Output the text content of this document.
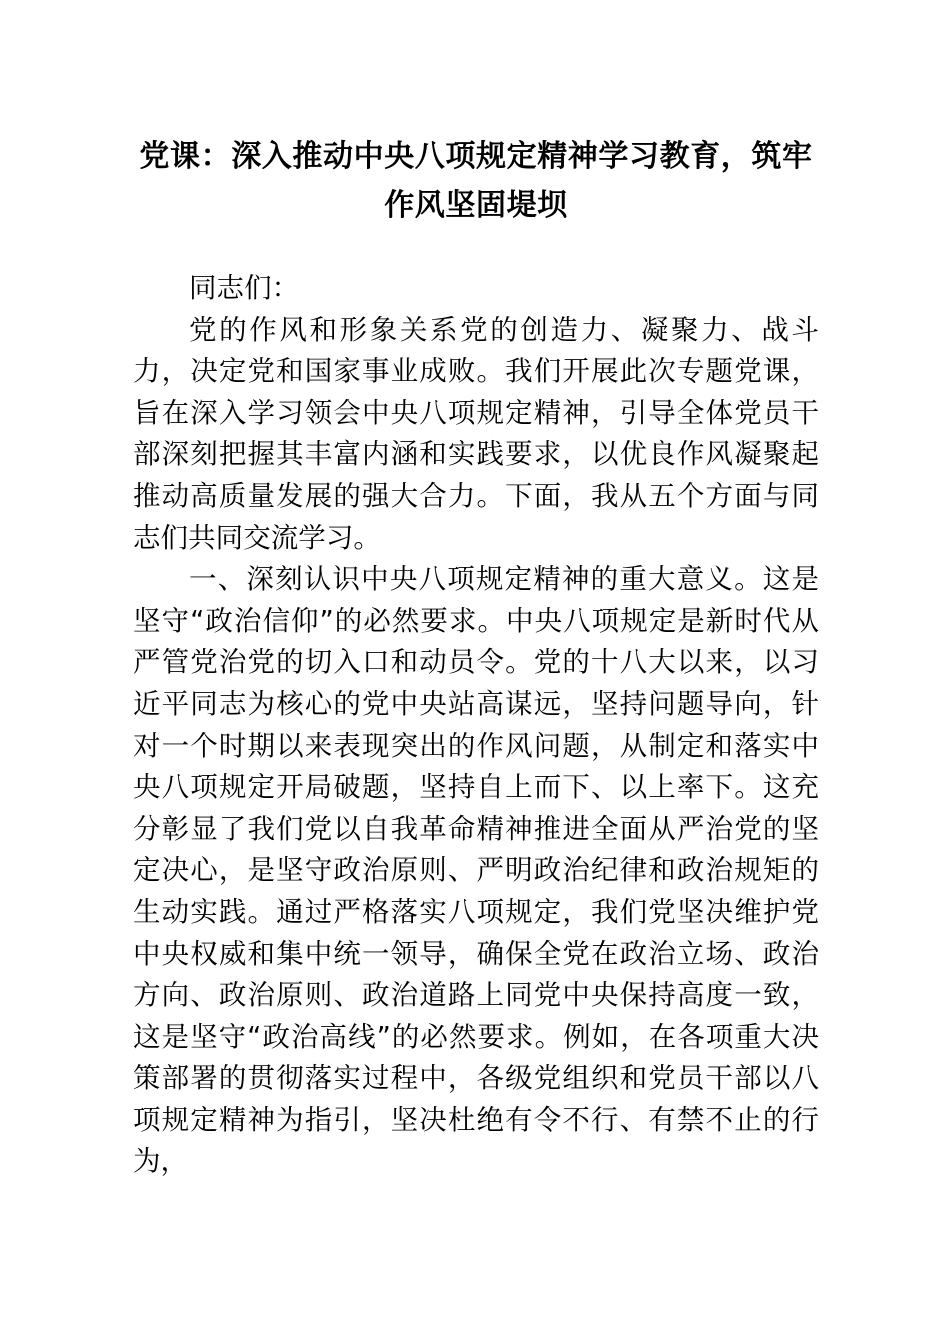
党课：深入推动中央八项规定精神学习教育，筑牢作风坚固堤坝

同志们：

党的作风和形象关系党的创造力、凝聚力、战斗力，决定党和国家事业成败。我们开展此次专题党课，旨在深入学习领会中央八项规定精神，引导全体党员干部深刻把握其丰富内涵和实践要求，以优良作风凝聚起推动高质量发展的强大合力。下面，我从五个方面与同志们共同交流学习。

一、深刻认识中央八项规定精神的重大意义。这是坚守“政治信仰”的必然要求。中央八项规定是新时代从严管党治党的切入口和动员令。党的十八大以来，以习近平同志为核心的党中央站高谋远，坚持问题导向，针对一个时期以来表现突出的作风问题，从制定和落实中央八项规定开局破题，坚持自上而下、以上率下。这充分彰显了我们党以自我革命精神推进全面从严治党的坚定决心，是坚守政治原则、严明政治纪律和政治规矩的生动实践。通过严格落实八项规定，我们党坚决维护党中央权威和集中统一领导，确保全党在政治立场、政治方向、政治原则、政治道路上同党中央保持高度一致，这是坚守“政治高线”的必然要求。例如，在各项重大决策部署的贯彻落实过程中，各级党组织和党员干部以八项规定精神为指引，坚决杜绝有令不行、有禁不止的行为，
